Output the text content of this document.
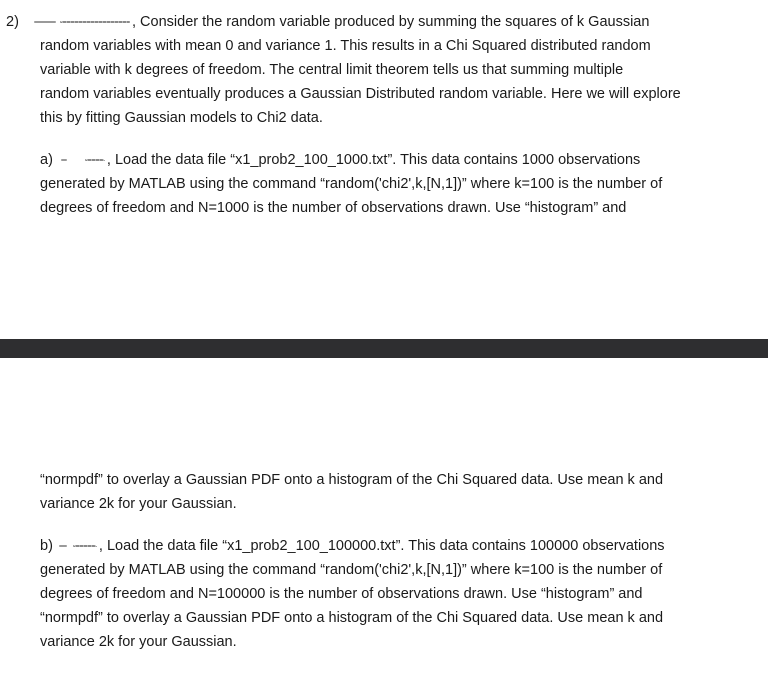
2)	, Consider the random variable produced by summing the squares of k Gaussian
random variables with mean 0 and variance 1. This results in a Chi Squared distributed random
variable with k degrees of freedom. The central limit theorem tells us that summing multiple
random variables eventually produces a Gaussian Distributed random variable. Here we will explore
this by fitting Gaussian models to Chi2 data.
a)	, Load the data file “x1_prob2_100_1000.txt”. This data contains 1000 observations
generated by MATLAB using the command “random('chi2',k,[N,1])” where k=100 is the number of
degrees of freedom and N=1000 is the number of observations drawn. Use “histogram” and
“normpdf” to overlay a Gaussian PDF onto a histogram of the Chi Squared data. Use mean k and
variance 2k for your Gaussian.
b)	, Load the data file “x1_prob2_100_100000.txt”. This data contains 100000 observations
generated by MATLAB using the command “random('chi2',k,[N,1])” where k=100 is the number of
degrees of freedom and N=100000 is the number of observations drawn. Use “histogram” and
“normpdf” to overlay a Gaussian PDF onto a histogram of the Chi Squared data. Use mean k and
variance 2k for your Gaussian.
